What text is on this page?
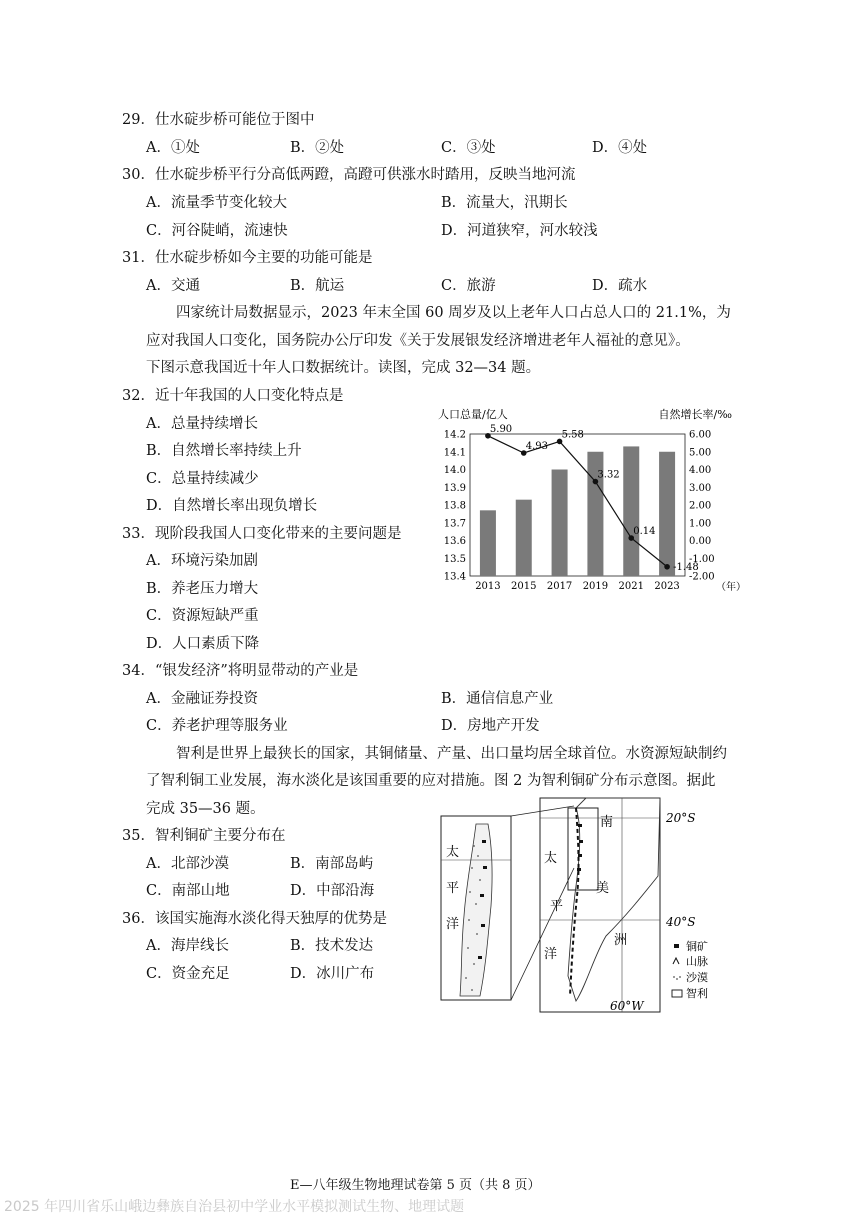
29．仕水碇步桥可能位于图中
A．①处	B．②处	C．③处	D．④处
30．仕水碇步桥平行分高低两蹬，高蹬可供涨水时踏用，反映当地河流
A．流量季节变化较大	B．流量大，汛期长
C．河谷陡峭，流速快	D．河道狭窄，河水较浅
31．仕水碇步桥如今主要的功能可能是
A．交通	B．航运	C．旅游	D．疏水
四家统计局数据显示，2023 年末全国 60 周岁及以上老年人口占总人口的 21.1%，为
应对我国人口变化，国务院办公厅印发《关于发展银发经济增进老年人福祉的意见》。
下图示意我国近十年人口数据统计。读图，完成 32—34 题。
32．近十年我国的人口变化特点是
A．总量持续增长
B．自然增长率持续上升
C．总量持续减少
D．自然增长率出现负增长
33．现阶段我国人口变化带来的主要问题是
A．环境污染加剧
B．养老压力增大
C．资源短缺严重
D．人口素质下降
人口总量/亿人	自然增长率/‰
5.90
4.93
5.58
3.32
0.14
-1.48
14.2	6.00
14.1	5.00
14.0	4.00
13.9	3.00
13.8	2.00
13.7	1.00
13.6	0.00
13.5	-1.00
13.4	-2.00
2013 2015 2017 2019 2021 2023	（年）
34．“银发经济”将明显带动的产业是
A．金融证券投资	B．通信信息产业
C．养老护理等服务业	D．房地产开发
智利是世界上最狭长的国家，其铜储量、产量、出口量均居全球首位。水资源短缺制约
了智利铜工业发展，海水淡化是该国重要的应对措施。图 2 为智利铜矿分布示意图。据此
完成 35—36 题。
35．智利铜矿主要分布在
A．北部沙漠	B．南部岛屿
C．南部山地	D．中部沿海
36．该国实施海水淡化得天独厚的优势是
A．海岸线长	B．技术发达
C．资金充足	D．冰川广布
太
平
洋
20°S
40°S
60°W
太
平
洋
南
美
洲	铜矿
山脉
沙漠
智利
E—八年级生物地理试卷第 5 页（共 8 页）
2025 年四川省乐山峨边彝族自治县初中学业水平模拟测试生物、地理试题
